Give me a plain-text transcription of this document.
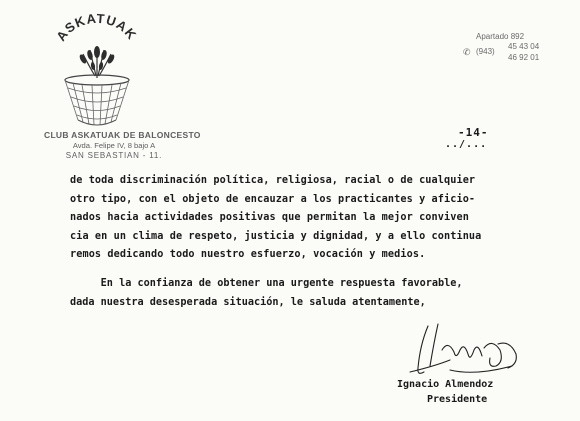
ASKATUAK
CLUB ASKATUAK DE BALONCESTO
Avda. Felipe IV, 8 bajo A
SAN SEBASTIAN - 11.
Apartado 892
✆ (943)
45 43 04
46 92 01
-14-
../...
de toda discriminación política, religiosa, racial o de cualquier
otro tipo, con el objeto de encauzar a los practicantes y aficio-
nados hacia actividades positivas que permitan la mejor conviven
cia en un clima de respeto, justicia y dignidad, y a ello continua
remos dedicando todo nuestro esfuerzo, vocación y medios.
En la confianza de obtener una urgente respuesta favorable,
dada nuestra desesperada situación, le saluda atentamente,
Ignacio Almendoz
Presidente
